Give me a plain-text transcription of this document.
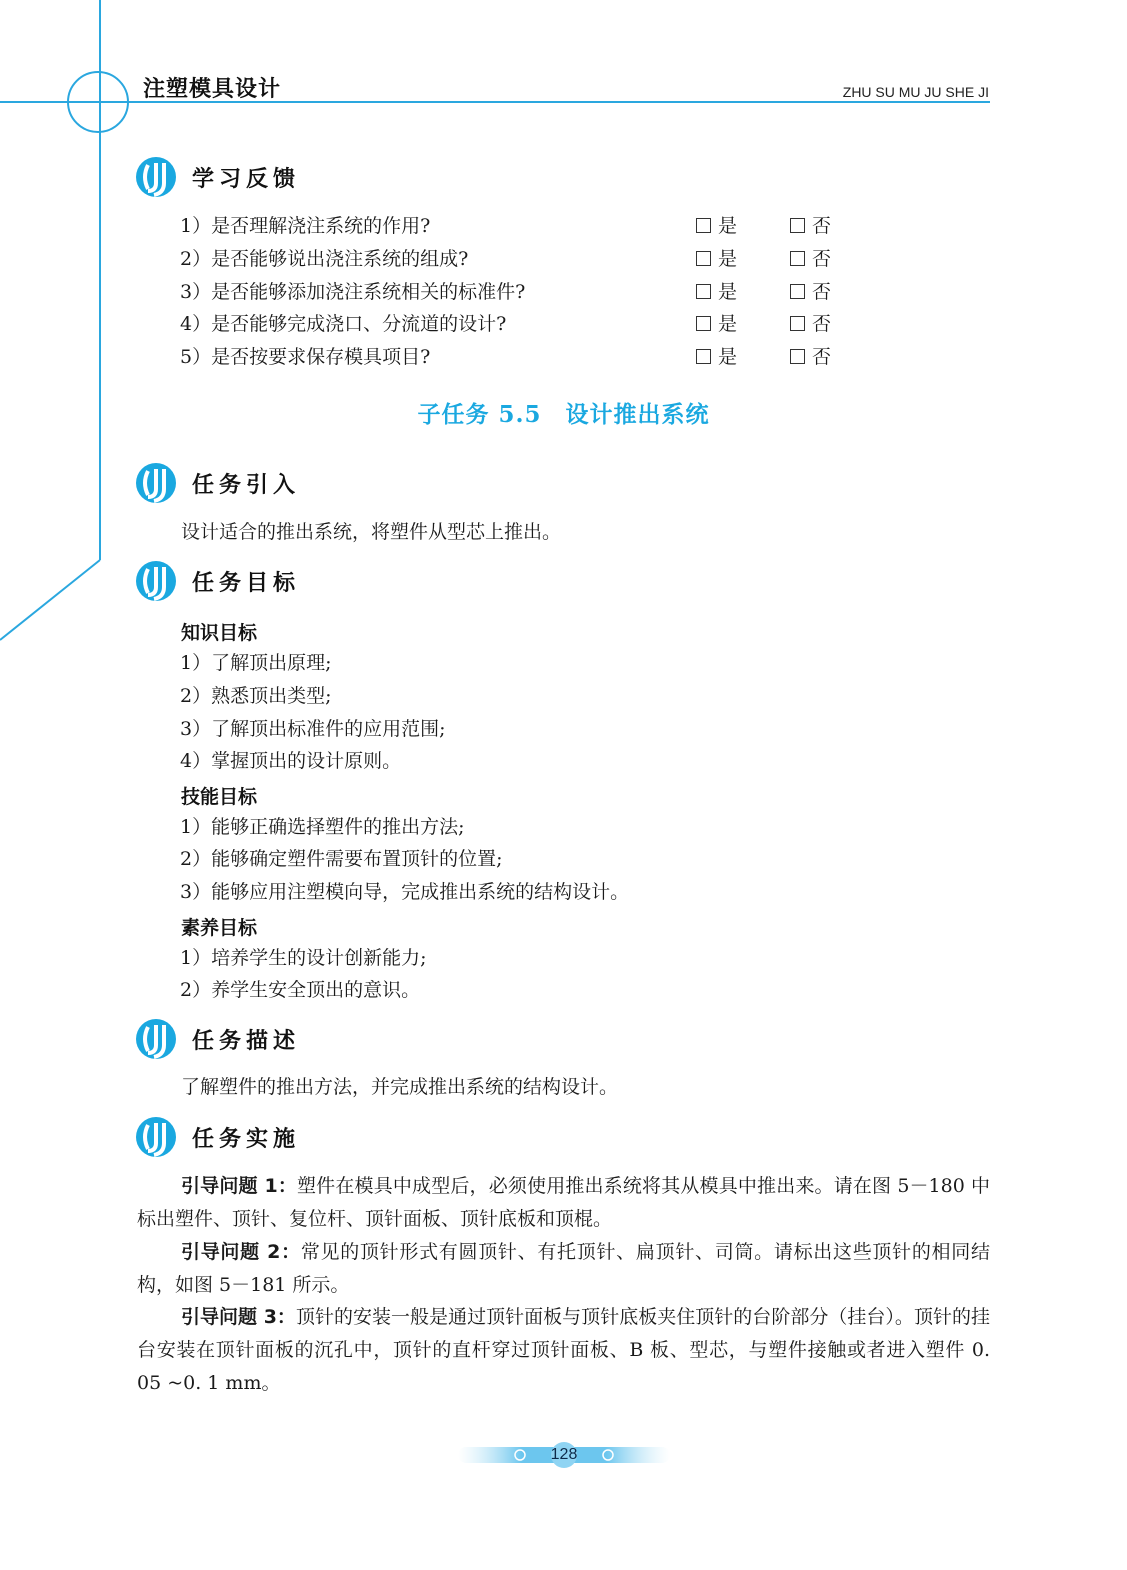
注塑模具设计	ZHU SU MU JU SHE JI
学习反馈
1）是否理解浇注系统的作用?	是	否
2）是否能够说出浇注系统的组成?	是	否
3）是否能够添加浇注系统相关的标准件?	是	否
4）是否能够完成浇口、分流道的设计?	是	否
5）是否按要求保存模具项目?	是	否
子任务 5.5　设计推出系统
任务引入
设计适合的推出系统，将塑件从型芯上推出。
任务目标
知识目标
1）了解顶出原理;
2）熟悉顶出类型;
3）了解顶出标准件的应用范围;
4）掌握顶出的设计原则。
技能目标
1）能够正确选择塑件的推出方法;
2）能够确定塑件需要布置顶针的位置;
3）能够应用注塑模向导，完成推出系统的结构设计。
素养目标
1）培养学生的设计创新能力;
2）养学生安全顶出的意识。
任务描述
了解塑件的推出方法，并完成推出系统的结构设计。
任务实施
引导问题 1：塑件在模具中成型后，必须使用推出系统将其从模具中推出来。请在图 5－180 中标出塑件、顶针、复位杆、顶针面板、顶针底板和顶棍。
引导问题 2：常见的顶针形式有圆顶针、有托顶针、扁顶针、司筒。请标出这些顶针的相同结构，如图 5－181 所示。
引导问题 3：顶针的安装一般是通过顶针面板与顶针底板夹住顶针的台阶部分（挂台）。顶针的挂台安装在顶针面板的沉孔中，顶针的直杆穿过顶针面板、B 板、型芯，与塑件接触或者进入塑件 0. 05 ~0. 1 mm。
128
